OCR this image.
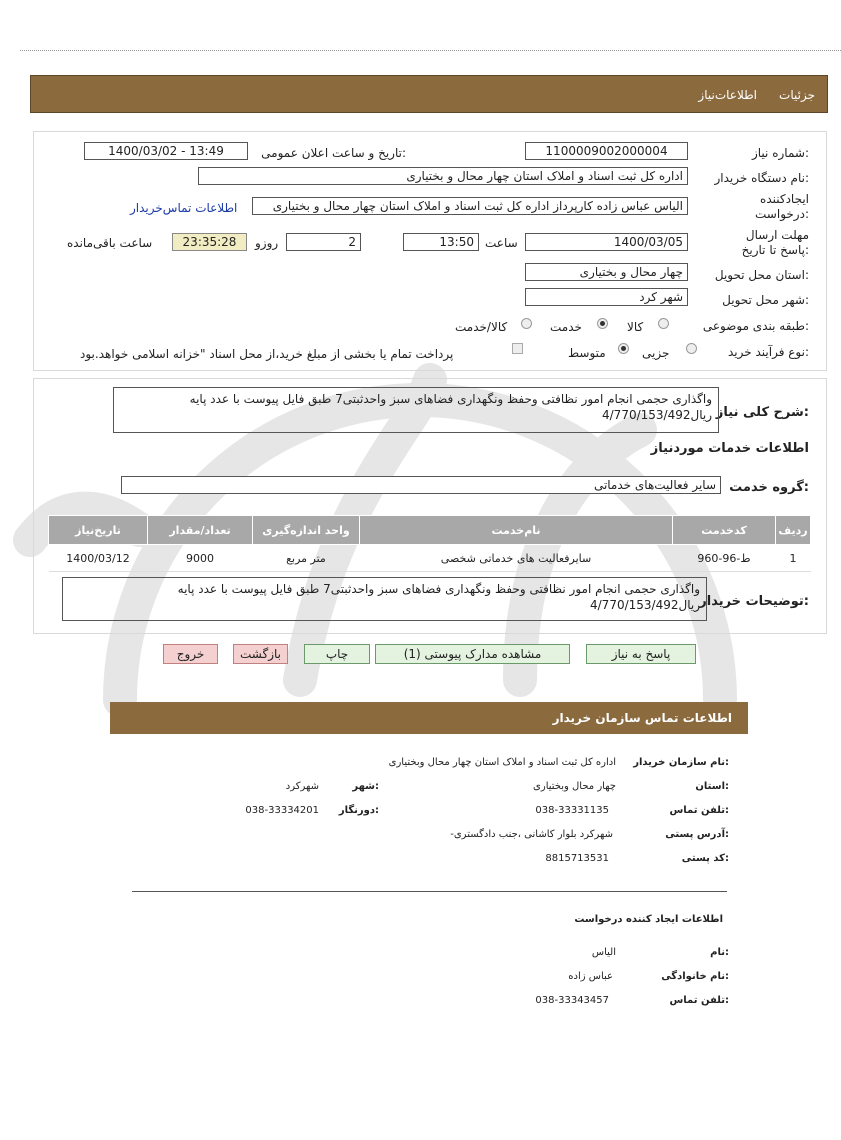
جزئیات
اطلاعات‌نیاز
شماره نیاز:
1100009002000004
تاریخ و ساعت اعلان عمومی:
1400/03/02 - 13:49
نام دستگاه خریدار:
اداره کل ثبت اسناد و املاک استان چهار محال و بختیاری
ایجادکننده درخواست:
الیاس عباس زاده کارپرداز اداره کل ثبت اسناد و املاک استان چهار محال و بختیاری
اطلاعات تماس‌خریدار
مهلت ارسال پاسخ تا تاریخ:
1400/03/05
ساعت
13:50
2
روزو
23:35:28
ساعت باقی‌مانده
استان محل تحویل:
چهار محال و بختیاری
شهر محل تحویل:
شهر کرد
طبقه بندی موضوعی:
کالا
خدمت
کالا/خدمت
نوع فرآیند خرید:
جزیی
متوسط
پرداخت تمام یا بخشی از مبلغ خرید،از محل اسناد "خزانه اسلامی خواهد.بود
شرح کلی نیاز:
واگذاری حجمی انجام امور نظافتی وحفظ ونگهداری فضاهای سبز واحدثبتی7 طبق فایل پیوست با عدد پایه ریال4/770/153/492
اطلاعات خدمات موردنیاز
گروه خدمت:
سایر فعالیت‌های خدماتی
ردیف	کدخدمت	نام‌خدمت	واحد اندازه‌گیری	تعداد/مقدار	تاریخ‌نیاز
1	ط-96-960	سایرفعالیت های خدماتی شخصی	متر مربع	9000	1400/03/12
توضیحات خریدار:
واگذاری حجمی انجام امور نظافتی وحفظ ونگهداری فضاهای سبز واحدثبتی7 طبق فایل پیوست با عدد پایه ریال4/770/153/492
پاسخ به نیاز
مشاهده مدارک پیوستی (1)
چاپ
بازگشت
خروج
اطلاعات تماس سازمان خریدار
نام سازمان خریدار:
اداره کل ثبت اسناد و املاک استان چهار محال وبختیاری
استان:
چهار محال وبختیاری
شهر:
شهرکرد
تلفن تماس:
038-33331135
دورنگار:
038-33334201
آدرس پستی:
-شهرکرد بلوار کاشانی ،جنب دادگستری
کد پستی:
8815713531
اطلاعات ایجاد کننده درخواست
نام:
الیاس
نام خانوادگی:
عباس زاده
تلفن تماس:
038-33343457
